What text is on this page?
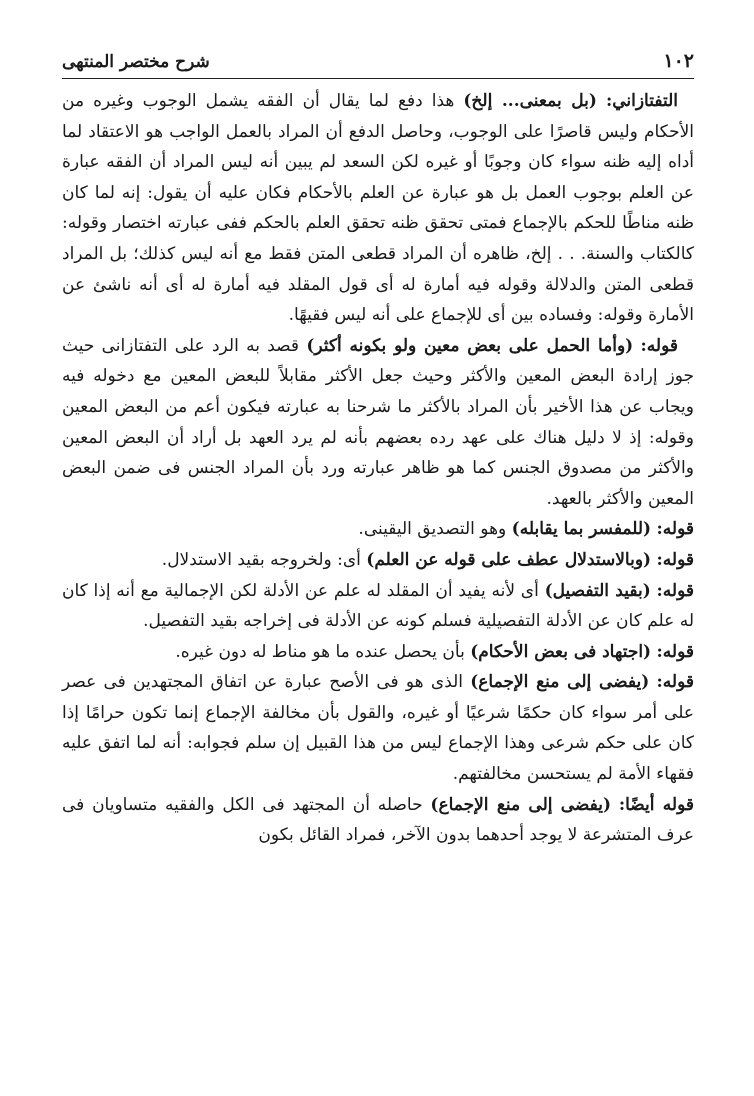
١٠٢
شرح مختصر المنتهى

التفتازاني: (بل بمعنى... إلخ) هذا دفع لما يقال أن الفقه يشمل الوجوب وغيره من الأحكام وليس قاصرًا على الوجوب، وحاصل الدفع أن المراد بالعمل الواجب هو الاعتقاد لما أداه إليه ظنه سواء كان وجوبًا أو غيره لكن السعد لم يبين أنه ليس المراد أن الفقه عبارة عن العلم بوجوب العمل بل هو عبارة عن العلم بالأحكام فكان عليه أن يقول: إنه لما كان ظنه مناطًا للحكم بالإجماع فمتى تحقق ظنه تحقق العلم بالحكم ففى عبارته اختصار وقوله: كالكتاب والسنة. . . إلخ، ظاهره أن المراد قطعى المتن فقط مع أنه ليس كذلك؛ بل المراد قطعى المتن والدلالة وقوله فيه أمارة له أى قول المقلد فيه أمارة له أى أنه ناشئ عن الأمارة وقوله: وفساده بين أى للإجماع على أنه ليس فقيهًا.

قوله: (وأما الحمل على بعض معين ولو بكونه أكثر) قصد به الرد على التفتازانى حيث جوز إرادة البعض المعين والأكثر وحيث جعل الأكثر مقابلاً للبعض المعين مع دخوله فيه ويجاب عن هذا الأخير بأن المراد بالأكثر ما شرحنا به عبارته فيكون أعم من البعض المعين وقوله: إذ لا دليل هناك على عهد رده بعضهم بأنه لم يرد العهد بل أراد أن البعض المعين والأكثر من مصدوق الجنس كما هو ظاهر عبارته ورد بأن المراد الجنس فى ضمن البعض المعين والأكثر بالعهد.

قوله: (للمفسر بما يقابله) وهو التصديق اليقينى.

قوله: (وبالاستدلال عطف على قوله عن العلم) أى: ولخروجه بقيد الاستدلال.

قوله: (بقيد التفصيل) أى لأنه يفيد أن المقلد له علم عن الأدلة لكن الإجمالية مع أنه إذا كان له علم كان عن الأدلة التفصيلية فسلم كونه عن الأدلة فى إخراجه بقيد التفصيل.

قوله: (اجتهاد فى بعض الأحكام) بأن يحصل عنده ما هو مناط له دون غيره.

قوله: (يفضى إلى منع الإجماع) الذى هو فى الأصح عبارة عن اتفاق المجتهدين فى عصر على أمر سواء كان حكمًا شرعيًا أو غيره، والقول بأن مخالفة الإجماع إنما تكون حرامًا إذا كان على حكم شرعى وهذا الإجماع ليس من هذا القبيل إن سلم فجوابه: أنه لما اتفق عليه فقهاء الأمة لم يستحسن مخالفتهم.

قوله أيضًا: (يفضى إلى منع الإجماع) حاصله أن المجتهد فى الكل والفقيه متساويان فى عرف المتشرعة لا يوجد أحدهما بدون الآخر، فمراد القائل بكون
